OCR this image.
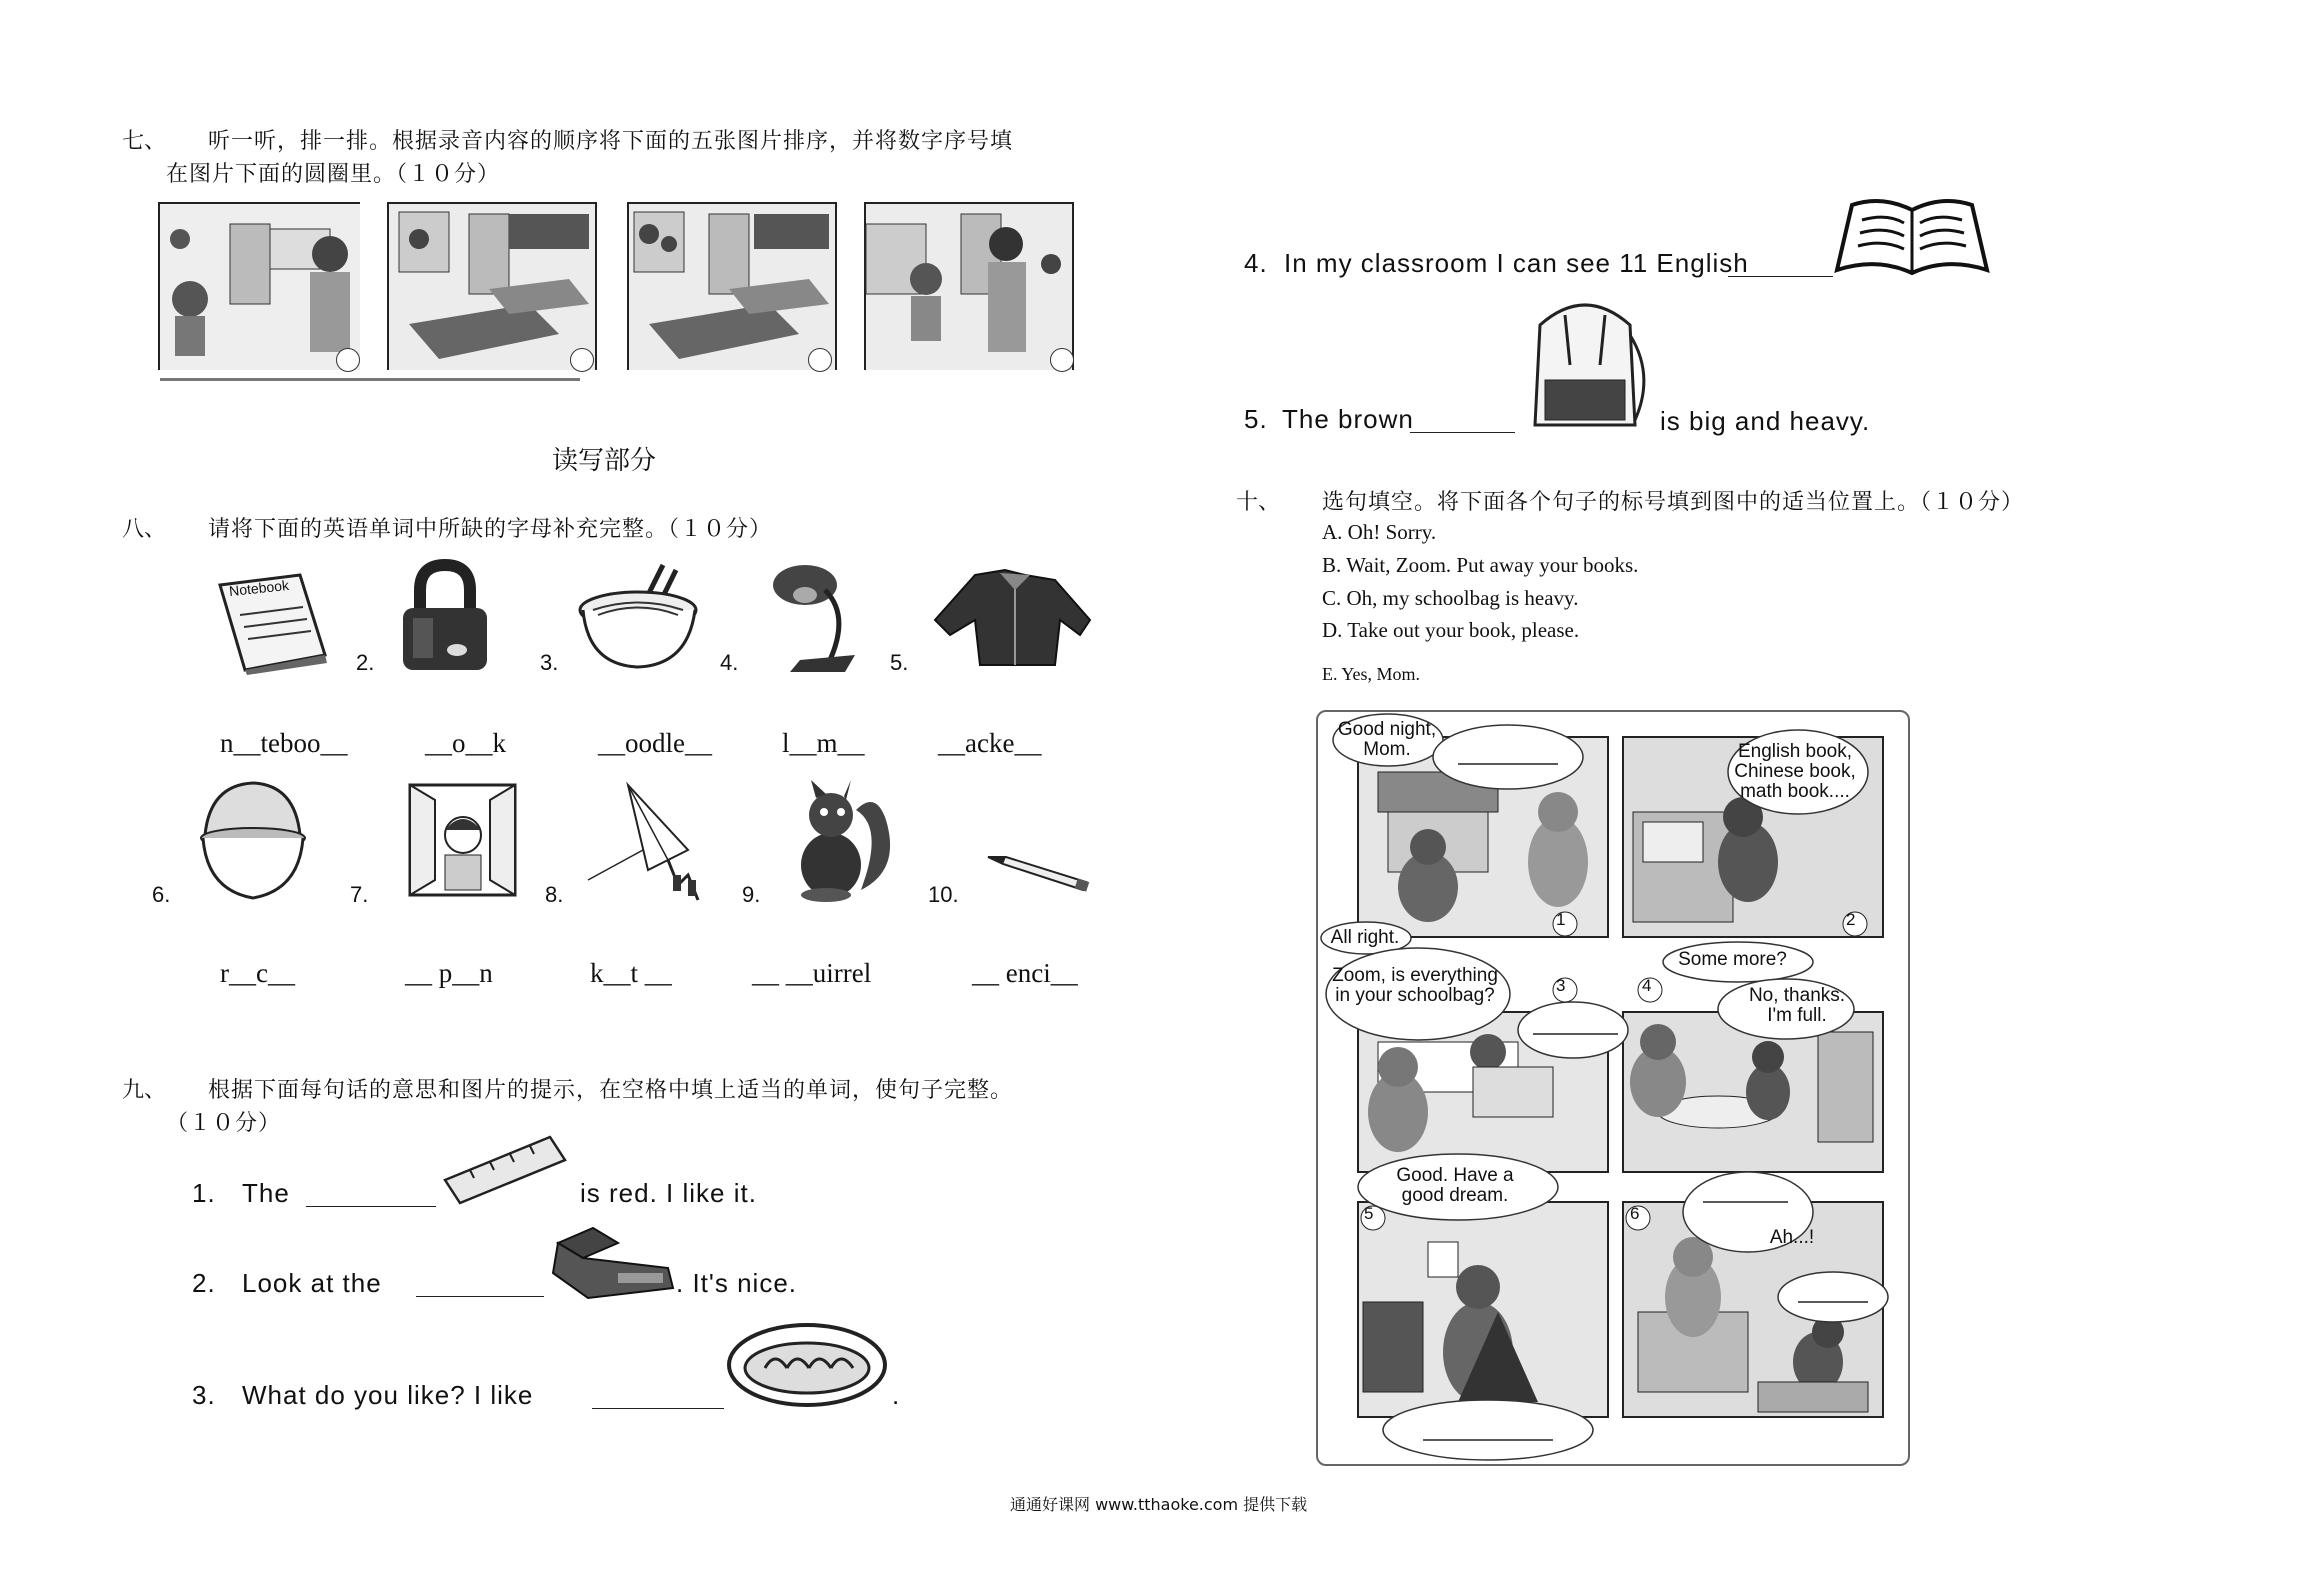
七、 听一听，排一排。根据录音内容的顺序将下面的五张图片排序，并将数字序号填
在图片下面的圆圈里。（１０分）
读写部分
八、 请将下面的英语单词中所缺的字母补充完整。（１０分）
Notebook
2.	3.	4.	5.
n__teboo__	__o__k	__oodle__	l__m__	__acke__
6.	7.	8.	9.	10.
r__c__	__ p__n	k__t __	__ __uirrel	__ enci__
九、 根据下面每句话的意思和图片的提示，在空格中填上适当的单词，使句子完整。
（１０分）
1. The	is red. I like it.
2. Look at the	. It's nice.
3. What do you like? I like	.
4. In my classroom I can see 11 English	.
5. The brown	is big and heavy.
十、 选句填空。将下面各个句子的标号填到图中的适当位置上。（１０分）
A. Oh! Sorry.
B. Wait, Zoom. Put away your books.
C. Oh, my schoolbag is heavy.
D. Take out your book, please.
E. Yes, Mom.
1	2
3	4
5	6
Good night, Mom.	English book, Chinese book, math book....
All right.
Zoom, is everything in your schoolbag?
Some more?
No, thanks. I'm full.
Good. Have a good dream.
Ah...!
通通好课网 www.tthaoke.com 提供下载
